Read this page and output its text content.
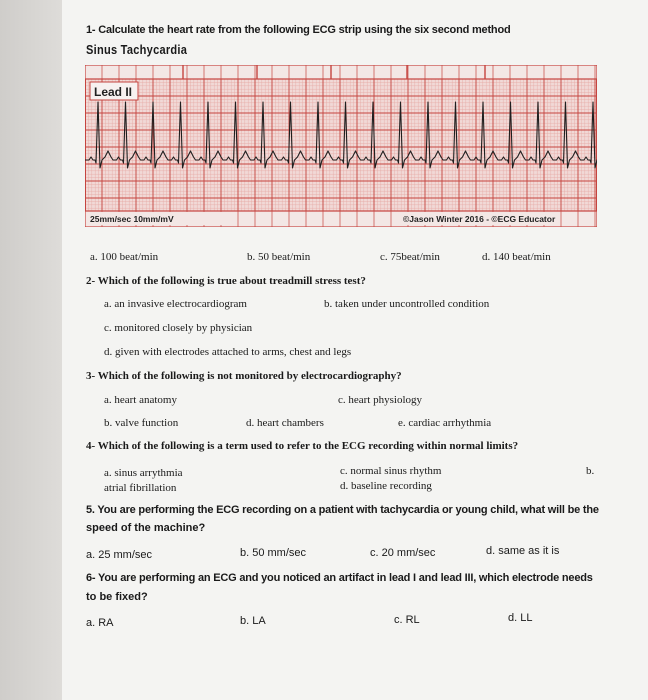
1- Calculate the heart rate from the following ECG strip using the six second method
Sinus Tachycardia
Lead II
25mm/sec 10mm/mV	©Jason Winter 2016 - ©ECG Educator
a. 100 beat/min	b. 50 beat/min	c. 75beat/min	d. 140 beat/min
2- Which of the following is true about treadmill stress test?
a. an invasive electrocardiogram	b. taken under uncontrolled condition
c. monitored closely by physician
d. given with electrodes attached to arms, chest and legs
3- Which of the following is not monitored by electrocardiography?
a. heart anatomy	c. heart physiology
b. valve function	d. heart chambers	e. cardiac arrhythmia
4- Which of the following is a term used to refer to the ECG recording within normal limits?
a. sinus arrythmia
atrial fibrillation
c. normal sinus rhythm
d. baseline recording
b.
5. You are performing the ECG recording on a patient with tachycardia or young child, what will be the
speed of the machine?
a. 25 mm/sec	b. 50 mm/sec	c. 20 mm/sec	d. same as it is
6- You are performing an ECG and you noticed an artifact in lead I and lead III, which electrode needs
to be fixed?
a. RA	b. LA	c. RL	d. LL
